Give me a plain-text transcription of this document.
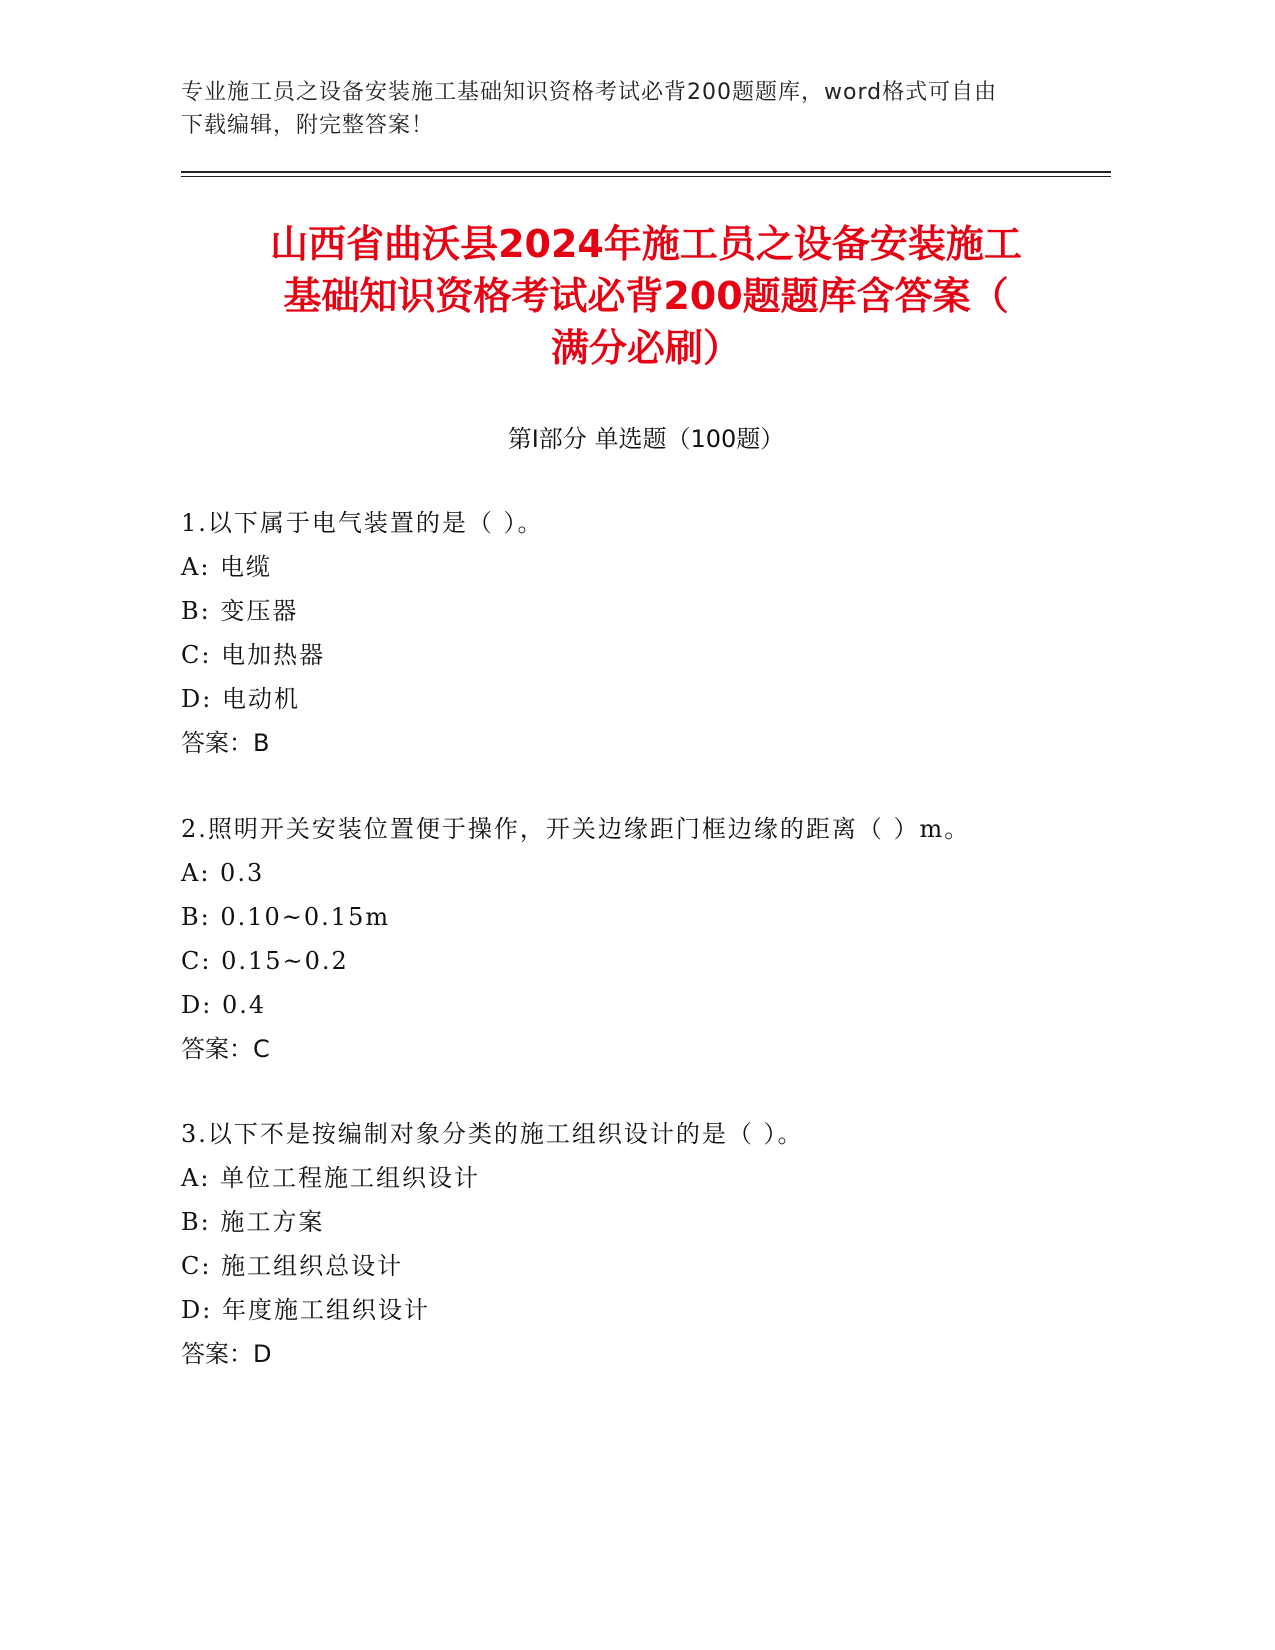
专业施工员之设备安装施工基础知识资格考试必背200题题库，word格式可自由
下载编辑，附完整答案！
山西省曲沃县2024年施工员之设备安装施工
基础知识资格考试必背200题题库含答案（
满分必刷）
第Ⅰ部分 单选题（100题）
1.以下属于电气装置的是（ ）。
A: 电缆
B: 变压器
C: 电加热器
D: 电动机
答案：B
2.照明开关安装位置便于操作，开关边缘距门框边缘的距离（ ）m。
A: 0.3
B: 0.10~0.15m
C: 0.15~0.2
D: 0.4
答案：C
3.以下不是按编制对象分类的施工组织设计的是（ ）。
A: 单位工程施工组织设计
B: 施工方案
C: 施工组织总设计
D: 年度施工组织设计
答案：D
